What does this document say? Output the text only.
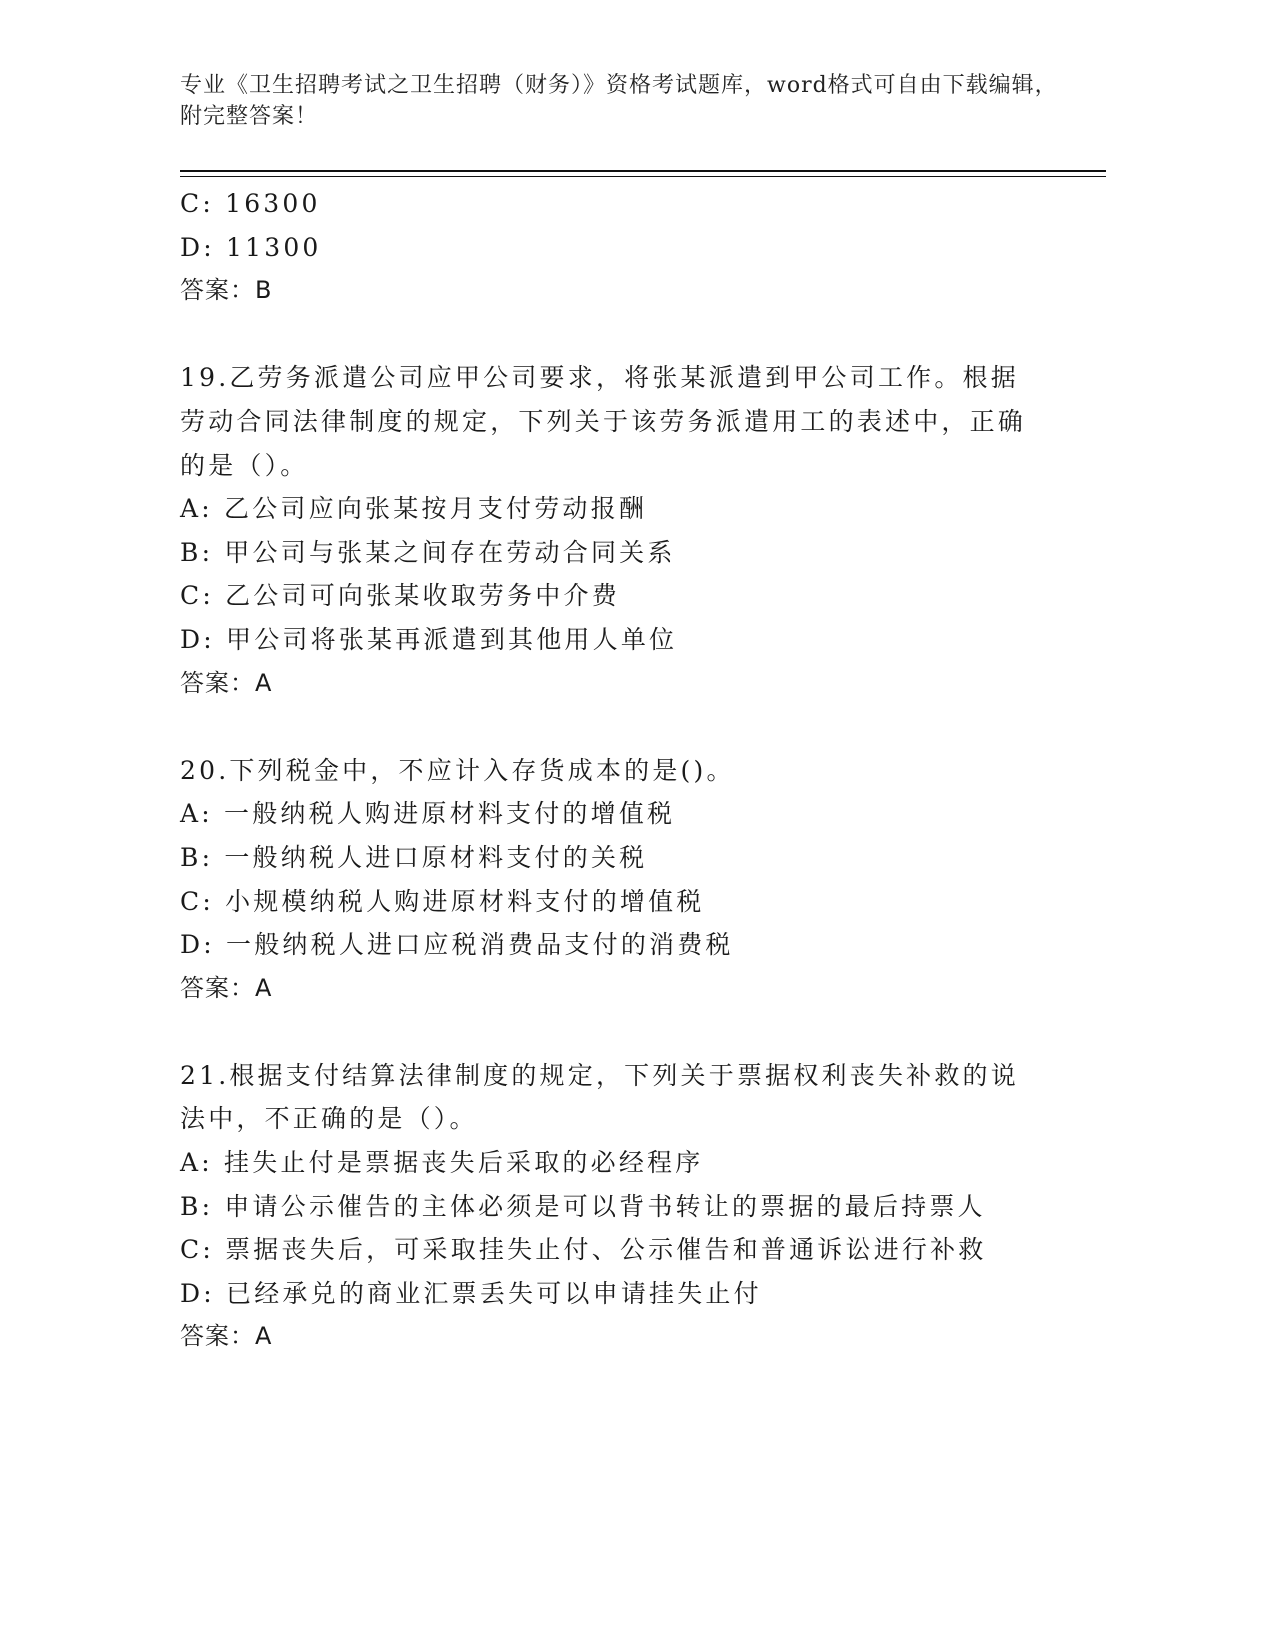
专业《卫生招聘考试之卫生招聘（财务）》资格考试题库，word格式可自由下载编辑，附完整答案！
C: 16300
D: 11300
答案：B
19.乙劳务派遣公司应甲公司要求，将张某派遣到甲公司工作。根据劳动合同法律制度的规定，下列关于该劳务派遣用工的表述中，正确的是（）。
A: 乙公司应向张某按月支付劳动报酬
B: 甲公司与张某之间存在劳动合同关系
C: 乙公司可向张某收取劳务中介费
D: 甲公司将张某再派遣到其他用人单位
答案：A
20.下列税金中，不应计入存货成本的是()。
A: 一般纳税人购进原材料支付的增值税
B: 一般纳税人进口原材料支付的关税
C: 小规模纳税人购进原材料支付的增值税
D: 一般纳税人进口应税消费品支付的消费税
答案：A
21.根据支付结算法律制度的规定，下列关于票据权利丧失补救的说法中，不正确的是（）。
A: 挂失止付是票据丧失后采取的必经程序
B: 申请公示催告的主体必须是可以背书转让的票据的最后持票人
C: 票据丧失后，可采取挂失止付、公示催告和普通诉讼进行补救
D: 已经承兑的商业汇票丢失可以申请挂失止付
答案：A
